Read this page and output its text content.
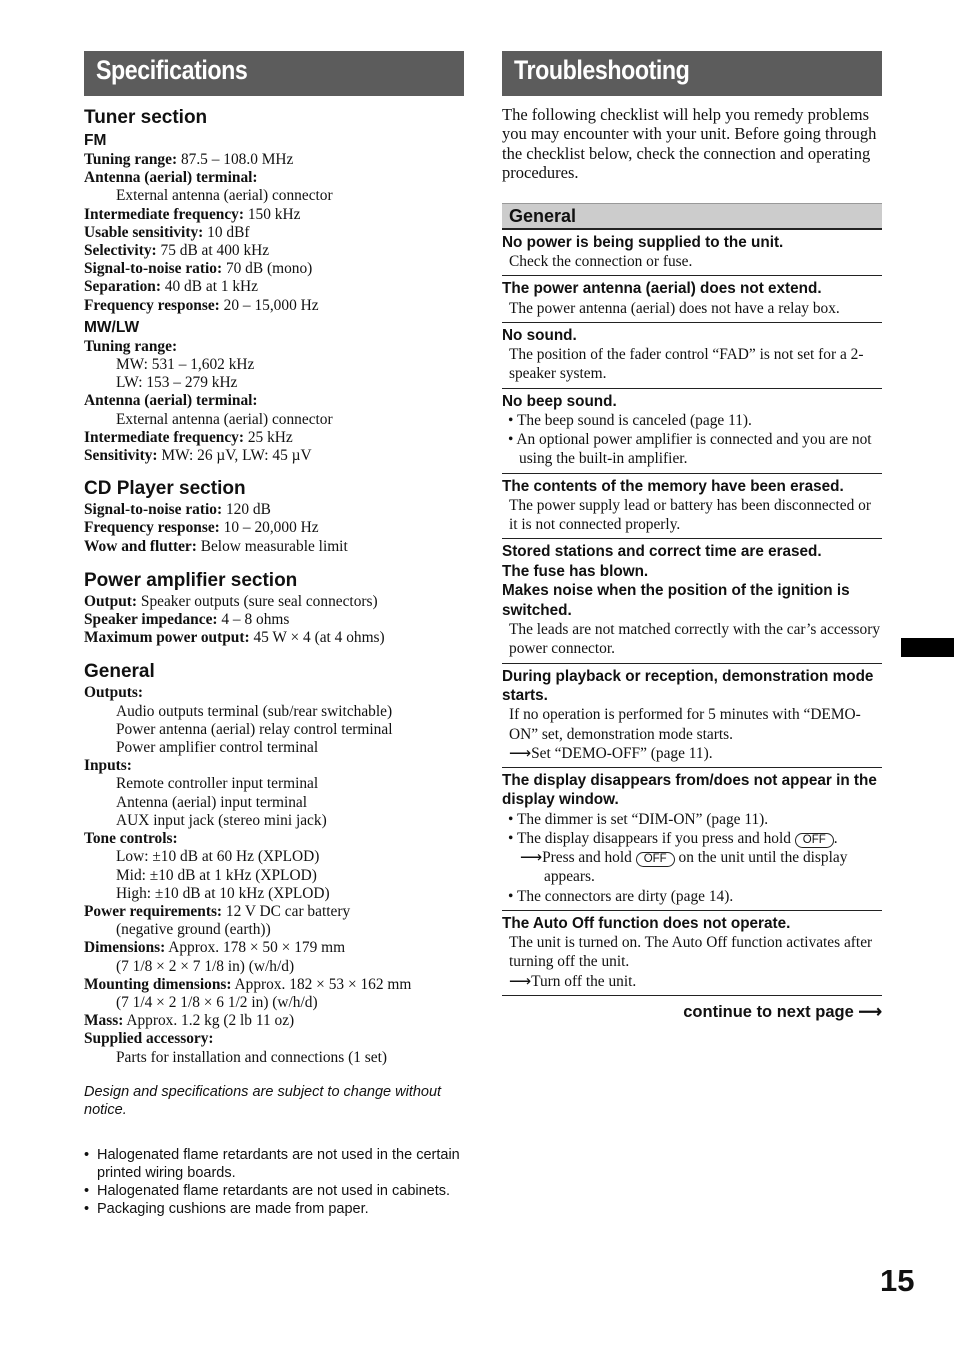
Specifications
Tuner section
FM
Tuning range: 87.5 – 108.0 MHz
Antenna (aerial) terminal:
External antenna (aerial) connector
Intermediate frequency: 150 kHz
Usable sensitivity: 10 dBf
Selectivity: 75 dB at 400 kHz
Signal-to-noise ratio: 70 dB (mono)
Separation: 40 dB at 1 kHz
Frequency response: 20 – 15,000 Hz
MW/LW
Tuning range:
MW: 531 – 1,602 kHz
LW: 153 – 279 kHz
Antenna (aerial) terminal:
External antenna (aerial) connector
Intermediate frequency: 25 kHz
Sensitivity: MW: 26 µV, LW: 45 µV
CD Player section
Signal-to-noise ratio: 120 dB
Frequency response: 10 – 20,000 Hz
Wow and flutter: Below measurable limit
Power amplifier section
Output: Speaker outputs (sure seal connectors)
Speaker impedance: 4 – 8 ohms
Maximum power output: 45 W × 4 (at 4 ohms)
General
Outputs:
Audio outputs terminal (sub/rear switchable)
Power antenna (aerial) relay control terminal
Power amplifier control terminal
Inputs:
Remote controller input terminal
Antenna (aerial) input terminal
AUX input jack (stereo mini jack)
Tone controls:
Low: ±10 dB at 60 Hz (XPLOD)
Mid: ±10 dB at 1 kHz (XPLOD)
High: ±10 dB at 10 kHz (XPLOD)
Power requirements: 12 V DC car battery
(negative ground (earth))
Dimensions: Approx. 178 × 50 × 179 mm
(7 1/8 × 2 × 7 1/8 in) (w/h/d)
Mounting dimensions: Approx. 182 × 53 × 162 mm
(7 1/4 × 2 1/8 × 6 1/2 in) (w/h/d)
Mass: Approx. 1.2 kg (2 lb 11 oz)
Supplied accessory:
Parts for installation and connections (1 set)
Design and specifications are subject to change without notice.
• Halogenated flame retardants are not used in the certain printed wiring boards.
• Halogenated flame retardants are not used in cabinets.
• Packaging cushions are made from paper.
Troubleshooting
The following checklist will help you remedy problems you may encounter with your unit. Before going through the checklist below, check the connection and operating procedures.
General
No power is being supplied to the unit.
Check the connection or fuse.
The power antenna (aerial) does not extend.
The power antenna (aerial) does not have a relay box.
No sound.
The position of the fader control “FAD” is not set for a 2-speaker system.
No beep sound.
• The beep sound is canceled (page 11).
• An optional power amplifier is connected and you are not using the built-in amplifier.
The contents of the memory have been erased.
The power supply lead or battery has been disconnected or it is not connected properly.
Stored stations and correct time are erased.
The fuse has blown.
Makes noise when the position of the ignition is switched.
The leads are not matched correctly with the car’s accessory power connector.
During playback or reception, demonstration mode starts.
If no operation is performed for 5 minutes with “DEMO-ON” set, demonstration mode starts.
⟶Set “DEMO-OFF” (page 11).
The display disappears from/does not appear in the display window.
• The dimmer is set “DIM-ON” (page 11).
• The display disappears if you press and hold OFF .
⟶Press and hold OFF on the unit until the display appears.
• The connectors are dirty (page 14).
The Auto Off function does not operate.
The unit is turned on. The Auto Off function activates after turning off the unit.
⟶Turn off the unit.
continue to next page ⟶
15
